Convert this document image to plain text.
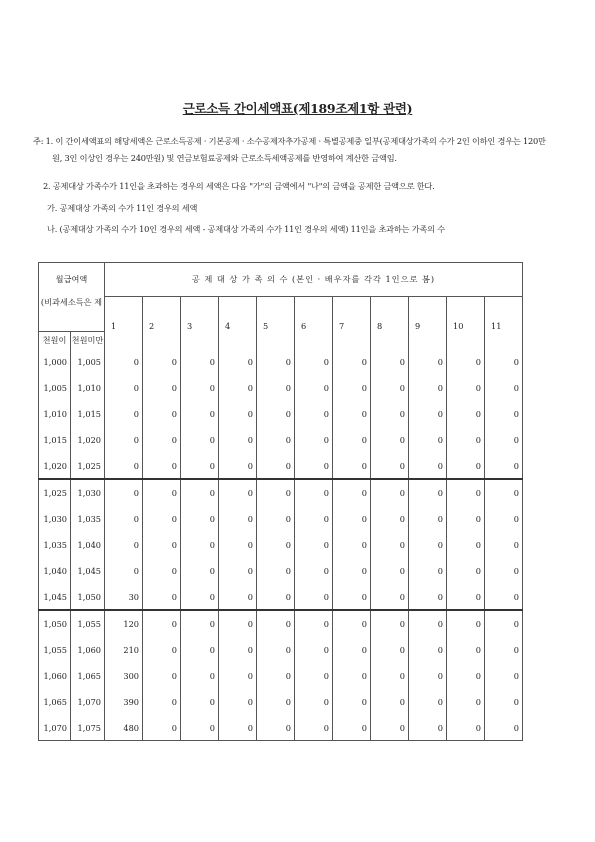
근로소득 간이세액표(제189조제1항 관련)
주: 1. 이 간이세액표의 해당세액은 근로소득공제 · 기본공제 · 소수공제자추가공제 · 특별공제중 일부(공제대상가족의 수가 2인 이하인 경우는 120만
원, 3인 이상인 경우는 240만원) 및 연금보험료공제와 근로소득세액공제를 반영하여 계산한 금액임.
2. 공제대상 가족수가 11인을 초과하는 경우의 세액은 다음 "가"의 금액에서 "나"의 금액을 공제한 금액으로 한다.
가. 공제대상 가족의 수가 11인 경우의 세액
나. (공제대상 가족의 수가 10인 경우의 세액 - 공제대상 가족의 수가 11인 경우의 세액) 11인을 초과하는 가족의 수
월급여액		공 제 대 상 가 족 의 수 (본인 · 배우자를 각각 1인으로 봄)										
(비과세소득은 제		1	2	3	4	5	6	7	8	9	10	11
천원이	천원미만											
1,000	1,005	0	0	0	0	0	0	0	0	0	0	0
1,005	1,010	0	0	0	0	0	0	0	0	0	0	0
1,010	1,015	0	0	0	0	0	0	0	0	0	0	0
1,015	1,020	0	0	0	0	0	0	0	0	0	0	0
1,020	1,025	0	0	0	0	0	0	0	0	0	0	0
1,025	1,030	0	0	0	0	0	0	0	0	0	0	0
1,030	1,035	0	0	0	0	0	0	0	0	0	0	0
1,035	1,040	0	0	0	0	0	0	0	0	0	0	0
1,040	1,045	0	0	0	0	0	0	0	0	0	0	0
1,045	1,050	30	0	0	0	0	0	0	0	0	0	0
1,050	1,055	120	0	0	0	0	0	0	0	0	0	0
1,055	1,060	210	0	0	0	0	0	0	0	0	0	0
1,060	1,065	300	0	0	0	0	0	0	0	0	0	0
1,065	1,070	390	0	0	0	0	0	0	0	0	0	0
1,070	1,075	480	0	0	0	0	0	0	0	0	0	0
